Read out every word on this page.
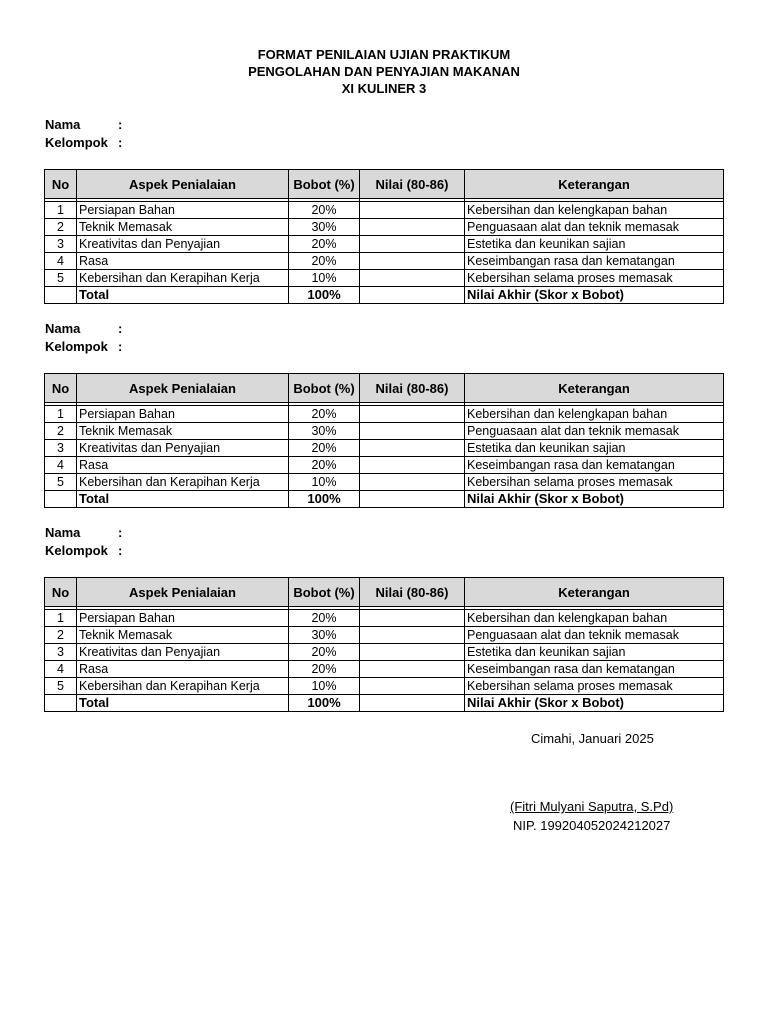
FORMAT PENILAIAN UJIAN PRAKTIKUM
PENGOLAHAN DAN PENYAJIAN MAKANAN
XI KULINER 3
Nama	:
Kelompok :
No	Aspek Penialaian	Bobot (%)	Nilai (80-86)	Keterangan

1	Persiapan Bahan	20%		Kebersihan dan kelengkapan bahan
2	Teknik Memasak	30%		Penguasaan alat dan teknik memasak
3	Kreativitas dan Penyajian	20%		Estetika dan keunikan sajian
4	Rasa	20%		Keseimbangan rasa dan kematangan
5	Kebersihan dan Kerapihan Kerja	10%		Kebersihan selama proses memasak
	Total	100%		Nilai Akhir (Skor x Bobot)
Nama	:
Kelompok :
No	Aspek Penialaian	Bobot (%)	Nilai (80-86)	Keterangan

1	Persiapan Bahan	20%		Kebersihan dan kelengkapan bahan
2	Teknik Memasak	30%		Penguasaan alat dan teknik memasak
3	Kreativitas dan Penyajian	20%		Estetika dan keunikan sajian
4	Rasa	20%		Keseimbangan rasa dan kematangan
5	Kebersihan dan Kerapihan Kerja	10%		Kebersihan selama proses memasak
	Total	100%		Nilai Akhir (Skor x Bobot)
Nama	:
Kelompok :
No	Aspek Penialaian	Bobot (%)	Nilai (80-86)	Keterangan

1	Persiapan Bahan	20%		Kebersihan dan kelengkapan bahan
2	Teknik Memasak	30%		Penguasaan alat dan teknik memasak
3	Kreativitas dan Penyajian	20%		Estetika dan keunikan sajian
4	Rasa	20%		Keseimbangan rasa dan kematangan
5	Kebersihan dan Kerapihan Kerja	10%		Kebersihan selama proses memasak
	Total	100%		Nilai Akhir (Skor x Bobot)
Cimahi, Januari 2025
(Fitri Mulyani Saputra, S.Pd)
NIP. 199204052024212027
